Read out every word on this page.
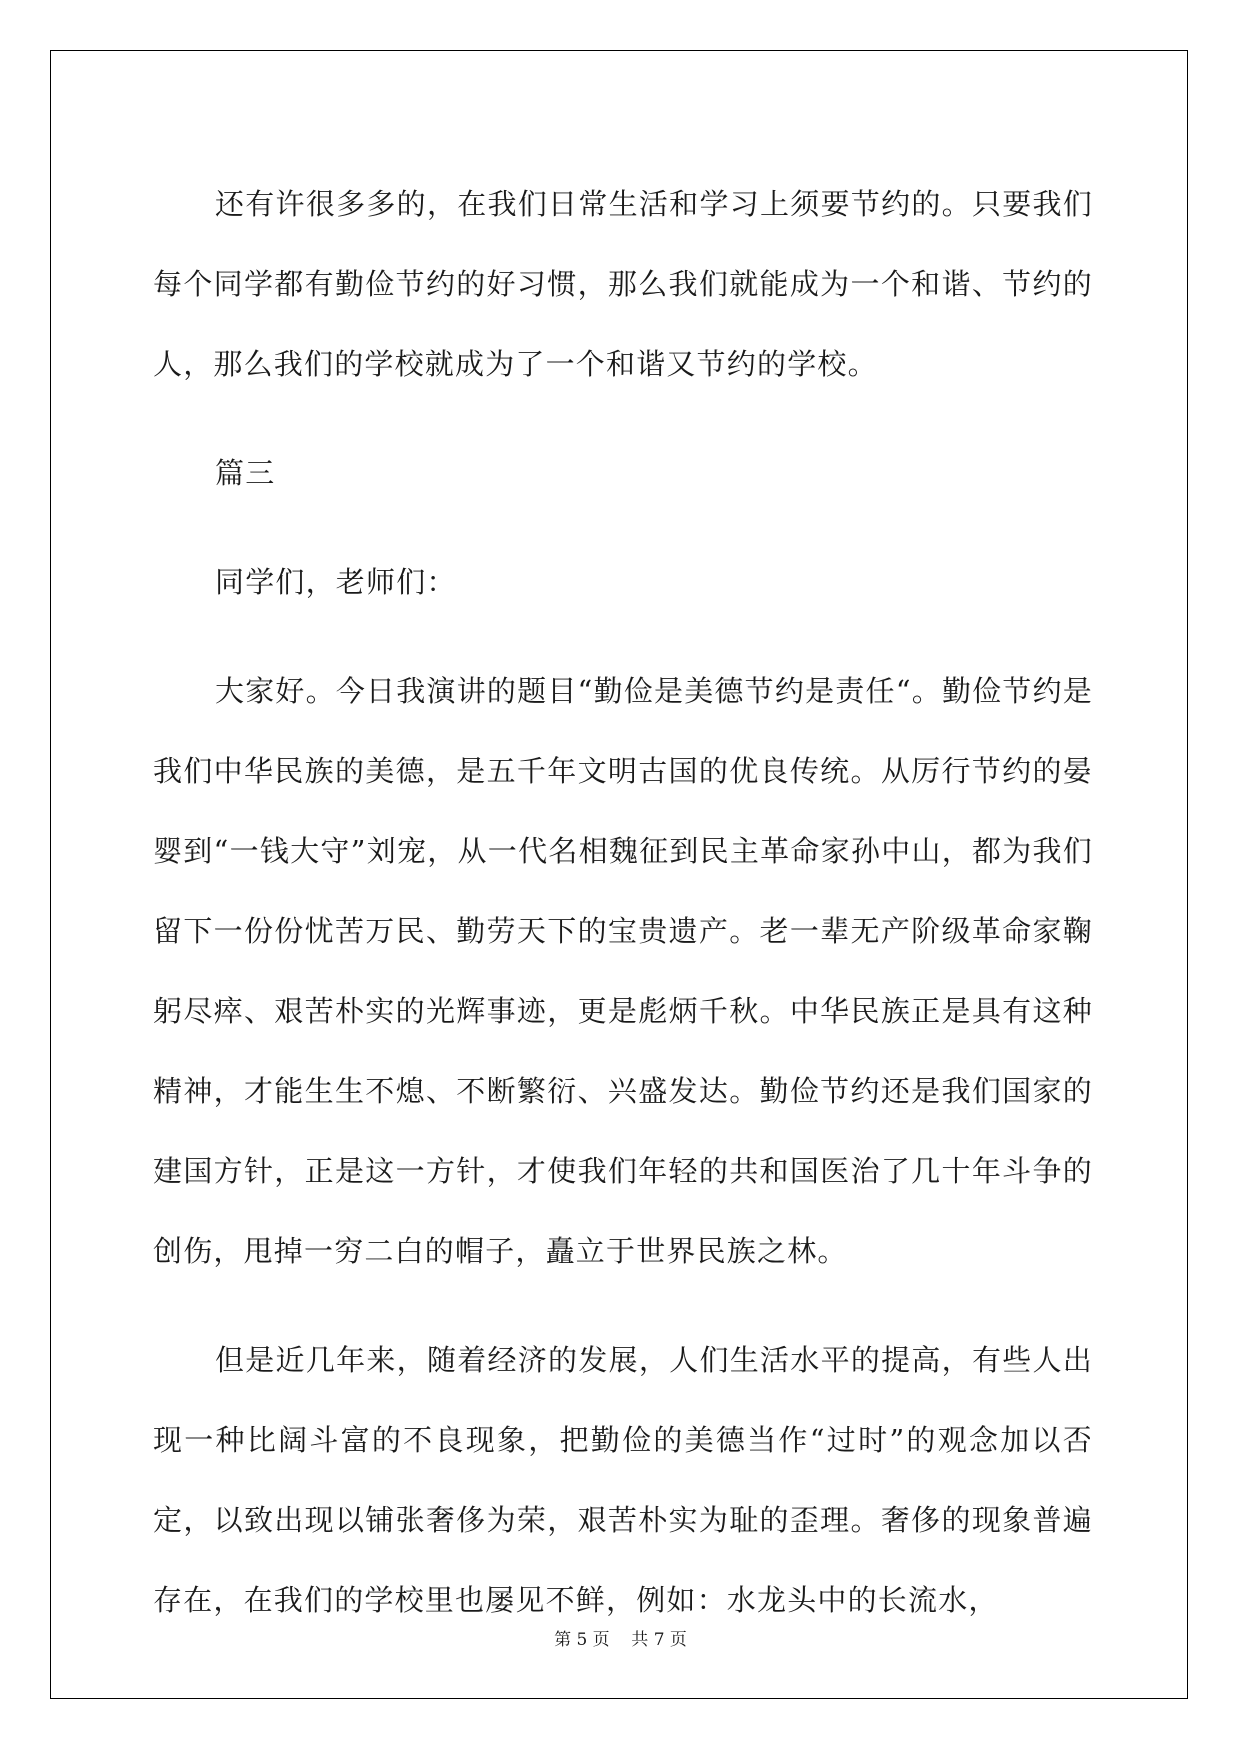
还有许很多多的，在我们日常生活和学习上须要节约的。只要我们每个同学都有勤俭节约的好习惯，那么我们就能成为一个和谐、节约的人，那么我们的学校就成为了一个和谐又节约的学校。

篇三

同学们，老师们：

大家好。今日我演讲的题目“勤俭是美德节约是责任“。勤俭节约是我们中华民族的美德，是五千年文明古国的优良传统。从厉行节约的晏婴到“一钱大守”刘宠，从一代名相魏征到民主革命家孙中山，都为我们留下一份份忧苦万民、勤劳天下的宝贵遗产。老一辈无产阶级革命家鞠躬尽瘁、艰苦朴实的光辉事迹，更是彪炳千秋。中华民族正是具有这种精神，才能生生不熄、不断繁衍、兴盛发达。勤俭节约还是我们国家的建国方针，正是这一方针，才使我们年轻的共和国医治了几十年斗争的创伤，甩掉一穷二白的帽子，矗立于世界民族之林。

但是近几年来，随着经济的发展，人们生活水平的提高，有些人出现一种比阔斗富的不良现象，把勤俭的美德当作“过时”的观念加以否定，以致出现以铺张奢侈为荣，艰苦朴实为耻的歪理。奢侈的现象普遍存在，在我们的学校里也屡见不鲜，例如：水龙头中的长流水，

第 5 页    共 7 页
